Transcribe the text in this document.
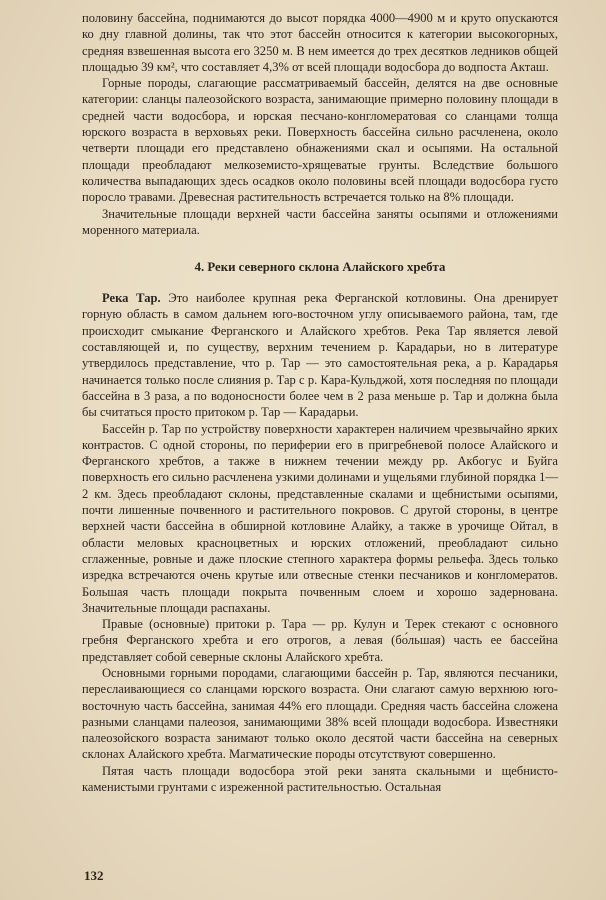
половину бассейна, поднимаются до высот порядка 4000—4900 м и круто опускаются ко дну главной долины, так что этот бассейн относится к категории высокогорных, средняя взвешенная высота его 3250 м. В нем имеется до трех десятков ледников общей площадью 39 км², что составляет 4,3% от всей площади водосбора до водпоста Акташ.

Горные породы, слагающие рассматриваемый бассейн, делятся на две основные категории: сланцы палеозойского возраста, занимающие примерно половину площади в средней части водосбора, и юрская песчано-конгломератовая со сланцами толща юрского возраста в верховьях реки. Поверхность бассейна сильно расчленена, около четверти площади его представлено обнажениями скал и осыпями. На остальной площади преобладают мелкоземисто-хрящеватые грунты. Вследствие большого количества выпадающих здесь осадков около половины всей площади водосбора густо поросло травами. Древесная растительность встречается только на 8% площади.

Значительные площади верхней части бассейна заняты осыпями и отложениями моренного материала.

4. Реки северного склона Алайского хребта

Река Тар. Это наиболее крупная река Ферганской котловины. Она дренирует горную область в самом дальнем юго-восточном углу описываемого района, там, где происходит смыкание Ферганского и Алайского хребтов. Река Тар является левой составляющей и, по существу, верхним течением р. Карадарьи, но в литературе утвердилось представление, что р. Тар — это самостоятельная река, а р. Карадарья начинается только после слияния р. Тар с р. Кара-Кульджой, хотя последняя по площади бассейна в 3 раза, а по водоносности более чем в 2 раза меньше р. Тар и должна была бы считаться просто притоком р. Тар — Карадарьи.

Бассейн р. Тар по устройству поверхности характерен наличием чрезвычайно ярких контрастов. С одной стороны, по периферии его в пригребневой полосе Алайского и Ферганского хребтов, а также в нижнем течении между рр. Акбогус и Буйга поверхность его сильно расчленена узкими долинами и ущельями глубиной порядка 1—2 км. Здесь преобладают склоны, представленные скалами и щебнистыми осыпями, почти лишенные почвенного и растительного покровов. С другой стороны, в центре верхней части бассейна в обширной котловине Алайку, а также в урочище Ойтал, в области меловых красноцветных и юрских отложений, преобладают сильно сглаженные, ровные и даже плоские степного характера формы рельефа. Здесь только изредка встречаются очень крутые или отвесные стенки песчаников и конгломератов. Большая часть площади покрыта почвенным слоем и хорошо задернована. Значительные площади распаханы.

Правые (основные) притоки р. Тара — рр. Кулун и Терек стекают с основного гребня Ферганского хребта и его отрогов, а левая (бо́льшая) часть ее бассейна представляет собой северные склоны Алайского хребта.

Основными горными породами, слагающими бассейн р. Тар, являются песчаники, переслаивающиеся со сланцами юрского возраста. Они слагают самую верхнюю юго-восточную часть бассейна, занимая 44% его площади. Средняя часть бассейна сложена разными сланцами палеозоя, занимающими 38% всей площади водосбора. Известняки палеозойского возраста занимают только около десятой части бассейна на северных склонах Алайского хребта. Магматические породы отсутствуют совершенно.

Пятая часть площади водосбора этой реки занята скальными и щебнисто-каменистыми грунтами с изреженной растительностью. Остальная

132
